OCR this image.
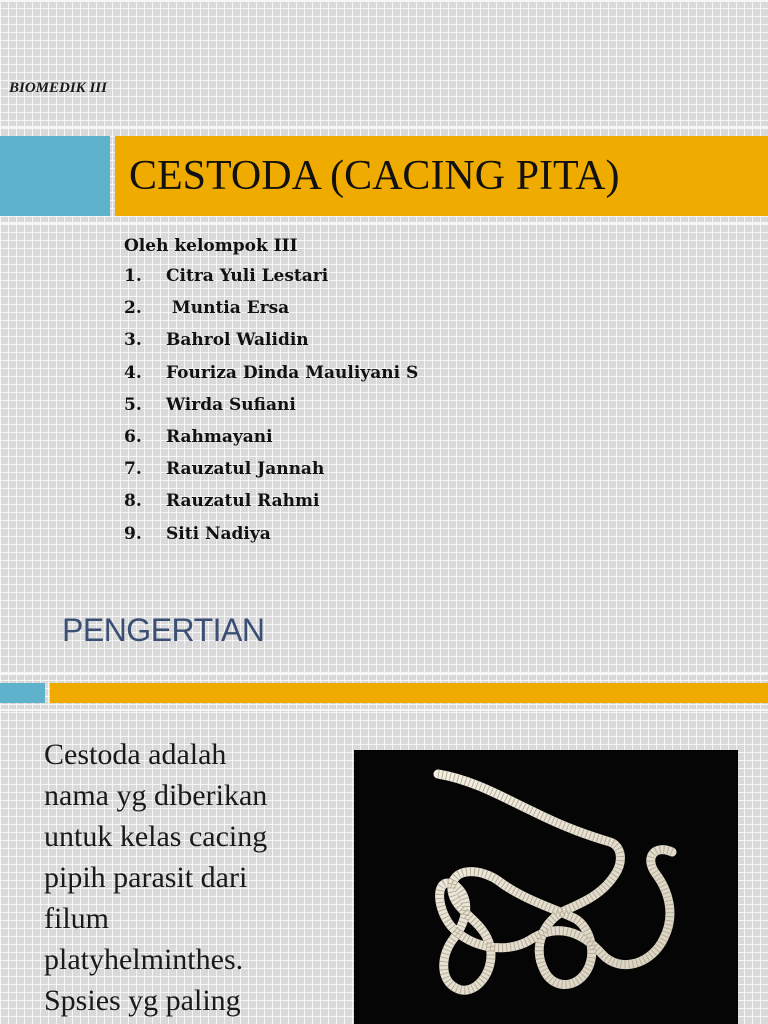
BIOMEDIK III
CESTODA (CACING PITA)
Oleh kelompok III
1.	Citra Yuli Lestari
2.	Muntia Ersa
3.	Bahrol Walidin
4.	Fouriza Dinda Mauliyani S
5.	Wirda Sufiani
6.	Rahmayani
7.	Rauzatul Jannah
8.	Rauzatul Rahmi
9.	Siti Nadiya
PENGERTIAN
Cestoda adalah
nama yg diberikan
untuk kelas cacing
pipih parasit dari
filum
platyhelminthes.
Spsies yg paling
